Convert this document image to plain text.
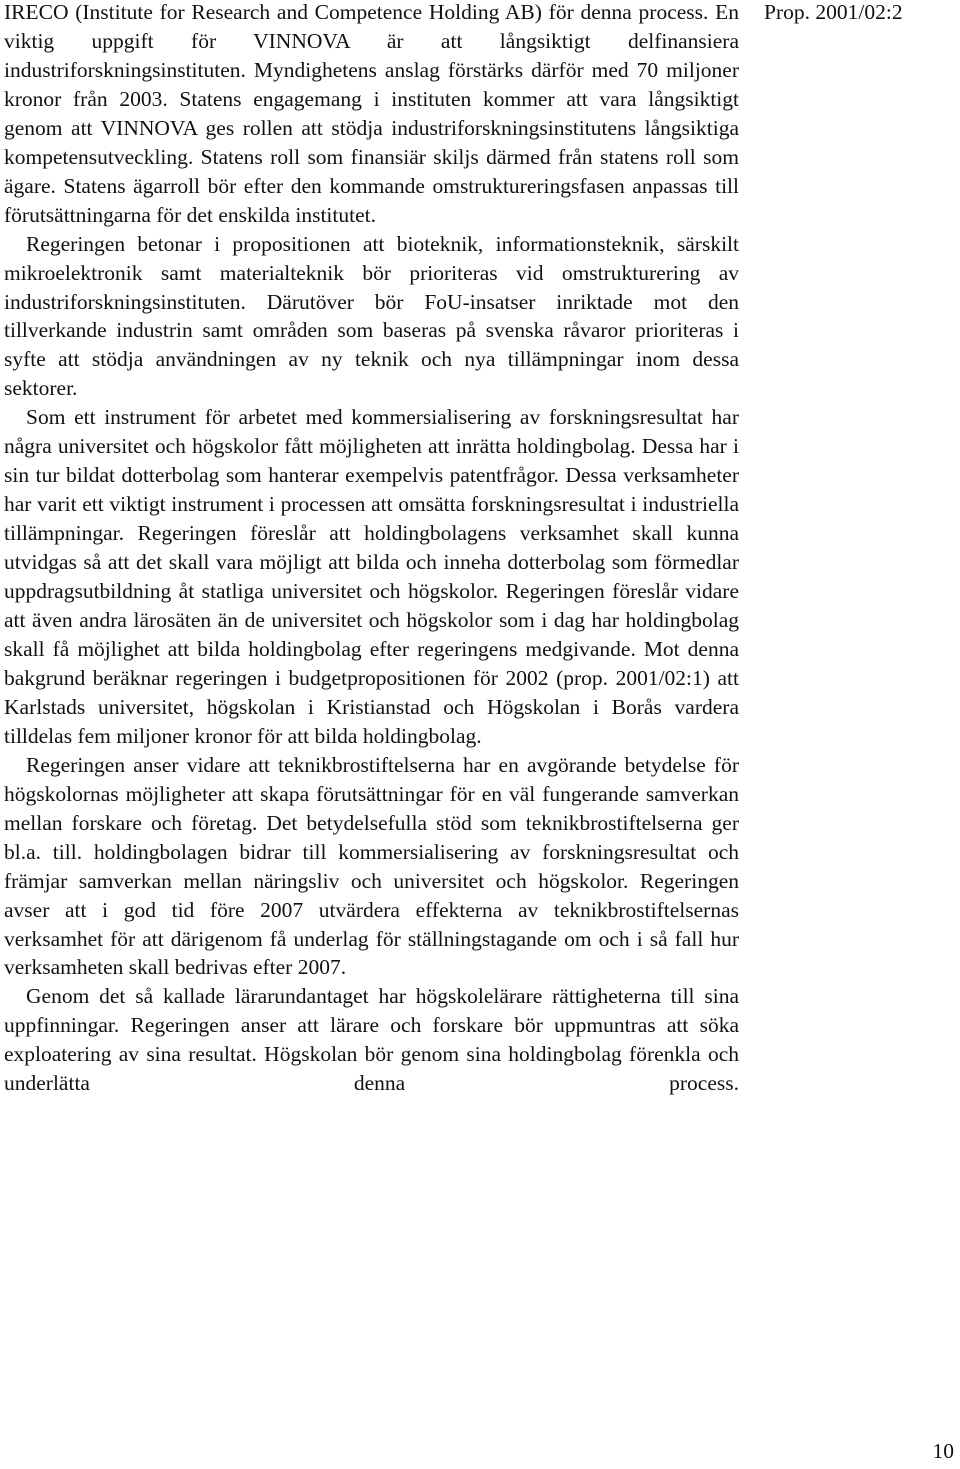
Prop. 2001/02:2

IRECO (Institute for Research and Competence Holding AB) för denna process. En viktig uppgift för VINNOVA är att långsiktigt delfinansiera industriforskningsinstituten. Myndighetens anslag förstärks därför med 70 miljoner kronor från 2003. Statens engagemang i instituten kommer att vara långsiktigt genom att VINNOVA ges rollen att stödja industriforskningsinstitutens långsiktiga kompetensutveckling. Statens roll som finansiär skiljs därmed från statens roll som ägare. Statens ägarroll bör efter den kommande omstruktureringsfasen anpassas till förutsättningarna för det enskilda institutet.

Regeringen betonar i propositionen att bioteknik, informationsteknik, särskilt mikroelektronik samt materialteknik bör prioriteras vid omstrukturering av industriforskningsinstituten. Därutöver bör FoU-insatser inriktade mot den tillverkande industrin samt områden som baseras på svenska råvaror prioriteras i syfte att stödja användningen av ny teknik och nya tillämpningar inom dessa sektorer.

Som ett instrument för arbetet med kommersialisering av forskningsresultat har några universitet och högskolor fått möjligheten att inrätta holdingbolag. Dessa har i sin tur bildat dotterbolag som hanterar exempelvis patentfrågor. Dessa verksamheter har varit ett viktigt instrument i processen att omsätta forskningsresultat i industriella tillämpningar. Regeringen föreslår att holdingbolagens verksamhet skall kunna utvidgas så att det skall vara möjligt att bilda och inneha dotterbolag som förmedlar uppdragsutbildning åt statliga universitet och högskolor. Regeringen föreslår vidare att även andra lärosäten än de universitet och högskolor som i dag har holdingbolag skall få möjlighet att bilda holdingbolag efter regeringens medgivande. Mot denna bakgrund beräknar regeringen i budgetpropositionen för 2002 (prop. 2001/02:1) att Karlstads universitet, högskolan i Kristianstad och Högskolan i Borås vardera tilldelas fem miljoner kronor för att bilda holdingbolag.

Regeringen anser vidare att teknikbrostiftelserna har en avgörande betydelse för högskolornas möjligheter att skapa förutsättningar för en väl fungerande samverkan mellan forskare och företag. Det betydelsefulla stöd som teknikbrostiftelserna ger bl.a. till. holdingbolagen bidrar till kommersialisering av forskningsresultat och främjar samverkan mellan näringsliv och universitet och högskolor. Regeringen avser att i god tid före 2007 utvärdera effekterna av teknikbrostiftelsernas verksamhet för att därigenom få underlag för ställningstagande om och i så fall hur verksamheten skall bedrivas efter 2007.

Genom det så kallade lärarundantaget har högskolelärare rättigheterna till sina uppfinningar. Regeringen anser att lärare och forskare bör uppmuntras att söka exploatering av sina resultat. Högskolan bör genom sina holdingbolag förenkla och underlätta denna process.

10
